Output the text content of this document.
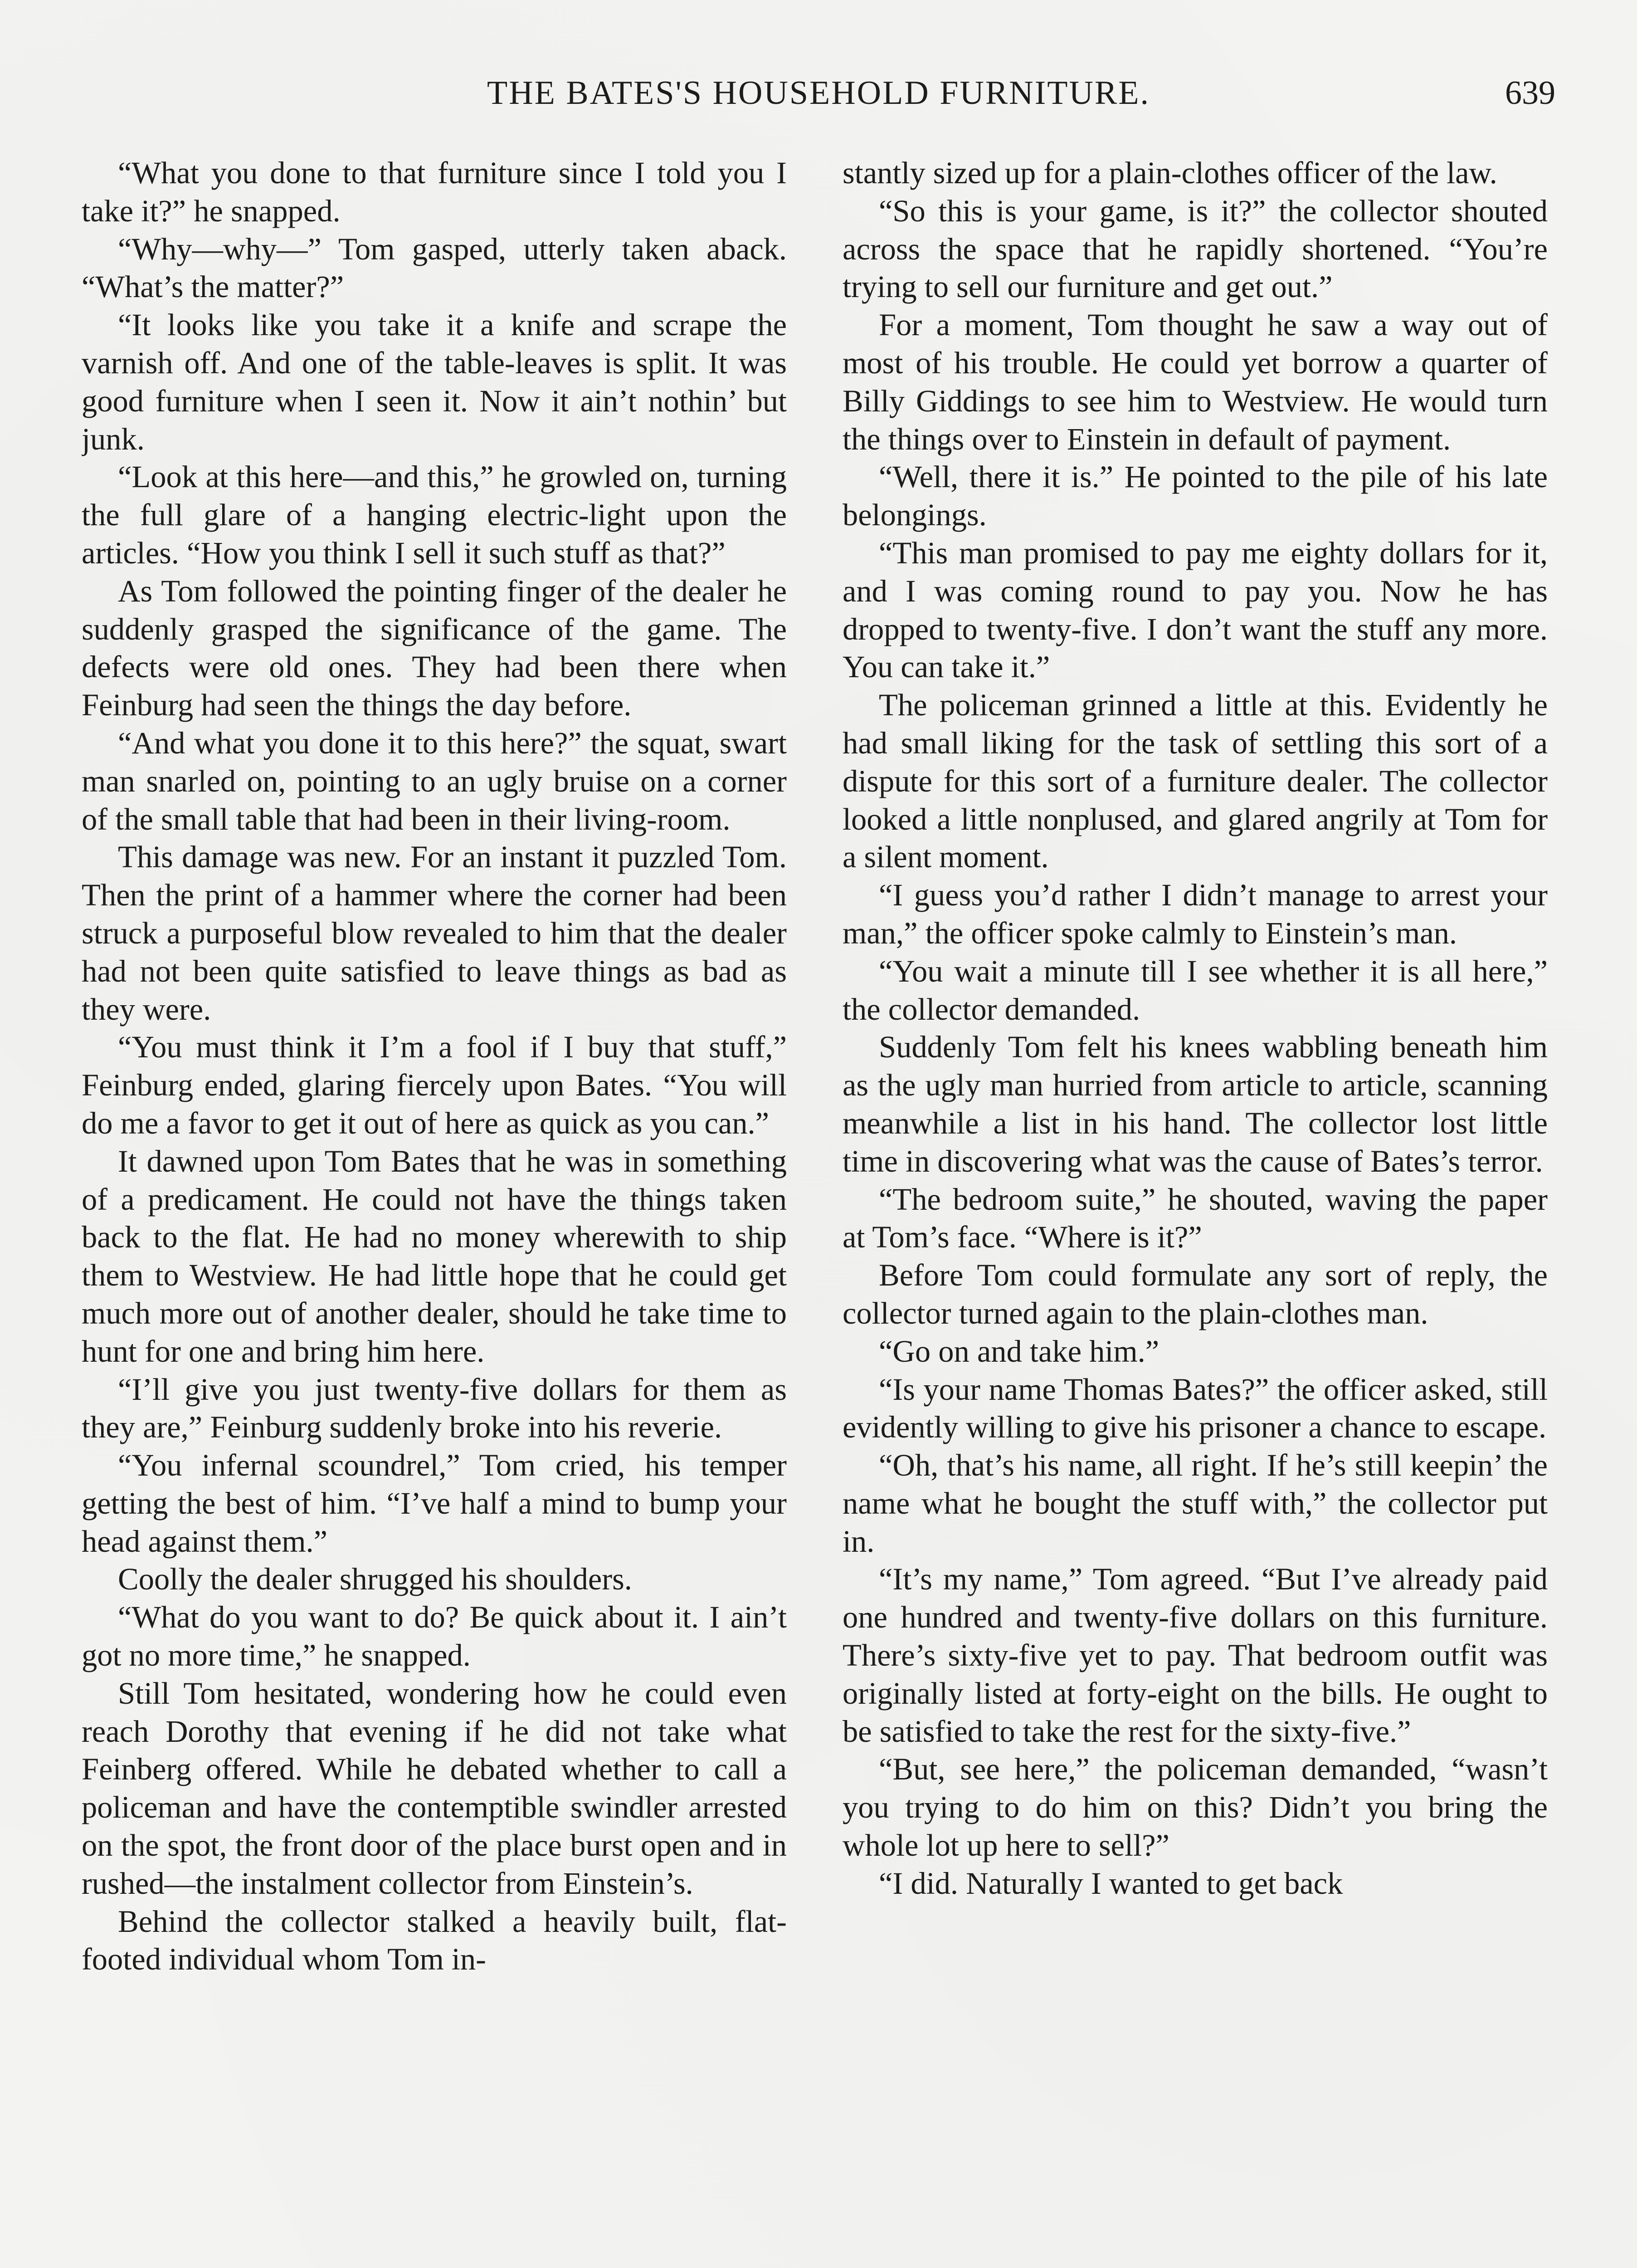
THE BATES'S HOUSEHOLD FURNITURE.	639

“What you done to that furniture since I told you I take it?” he snapped.

“Why—why—” Tom gasped, utterly taken aback. “What’s the matter?”

“It looks like you take it a knife and scrape the varnish off. And one of the table-leaves is split. It was good furniture when I seen it. Now it ain’t nothin’ but junk.

“Look at this here—and this,” he growled on, turning the full glare of a hanging electric-light upon the articles. “How you think I sell it such stuff as that?”

As Tom followed the pointing finger of the dealer he suddenly grasped the significance of the game. The defects were old ones. They had been there when Feinburg had seen the things the day before.

“And what you done it to this here?” the squat, swart man snarled on, pointing to an ugly bruise on a corner of the small table that had been in their living-room.

This damage was new. For an instant it puzzled Tom. Then the print of a hammer where the corner had been struck a purposeful blow revealed to him that the dealer had not been quite satisfied to leave things as bad as they were.

“You must think it I’m a fool if I buy that stuff,” Feinburg ended, glaring fiercely upon Bates. “You will do me a favor to get it out of here as quick as you can.”

It dawned upon Tom Bates that he was in something of a predicament. He could not have the things taken back to the flat. He had no money wherewith to ship them to Westview. He had little hope that he could get much more out of another dealer, should he take time to hunt for one and bring him here.

“I’ll give you just twenty-five dollars for them as they are,” Feinburg suddenly broke into his reverie.

“You infernal scoundrel,” Tom cried, his temper getting the best of him. “I’ve half a mind to bump your head against them.”

Coolly the dealer shrugged his shoulders.

“What do you want to do? Be quick about it. I ain’t got no more time,” he snapped.

Still Tom hesitated, wondering how he could even reach Dorothy that evening if he did not take what Feinberg offered. While he debated whether to call a policeman and have the contemptible swindler arrested on the spot, the front door of the place burst open and in rushed—the instalment collector from Einstein’s.

Behind the collector stalked a heavily built, flat-footed individual whom Tom in-

stantly sized up for a plain-clothes officer of the law.

“So this is your game, is it?” the collector shouted across the space that he rapidly shortened. “You’re trying to sell our furniture and get out.”

For a moment, Tom thought he saw a way out of most of his trouble. He could yet borrow a quarter of Billy Giddings to see him to Westview. He would turn the things over to Einstein in default of payment.

“Well, there it is.” He pointed to the pile of his late belongings.

“This man promised to pay me eighty dollars for it, and I was coming round to pay you. Now he has dropped to twenty-five. I don’t want the stuff any more. You can take it.”

The policeman grinned a little at this. Evidently he had small liking for the task of settling this sort of a dispute for this sort of a furniture dealer. The collector looked a little nonplused, and glared angrily at Tom for a silent moment.

“I guess you’d rather I didn’t manage to arrest your man,” the officer spoke calmly to Einstein’s man.

“You wait a minute till I see whether it is all here,” the collector demanded.

Suddenly Tom felt his knees wabbling beneath him as the ugly man hurried from article to article, scanning meanwhile a list in his hand. The collector lost little time in discovering what was the cause of Bates’s terror.

“The bedroom suite,” he shouted, waving the paper at Tom’s face. “Where is it?”

Before Tom could formulate any sort of reply, the collector turned again to the plain-clothes man.

“Go on and take him.”

“Is your name Thomas Bates?” the officer asked, still evidently willing to give his prisoner a chance to escape.

“Oh, that’s his name, all right. If he’s still keepin’ the name what he bought the stuff with,” the collector put in.

“It’s my name,” Tom agreed. “But I’ve already paid one hundred and twenty-five dollars on this furniture. There’s sixty-five yet to pay. That bedroom outfit was originally listed at forty-eight on the bills. He ought to be satisfied to take the rest for the sixty-five.”

“But, see here,” the policeman demanded, “wasn’t you trying to do him on this? Didn’t you bring the whole lot up here to sell?”

“I did. Naturally I wanted to get back
